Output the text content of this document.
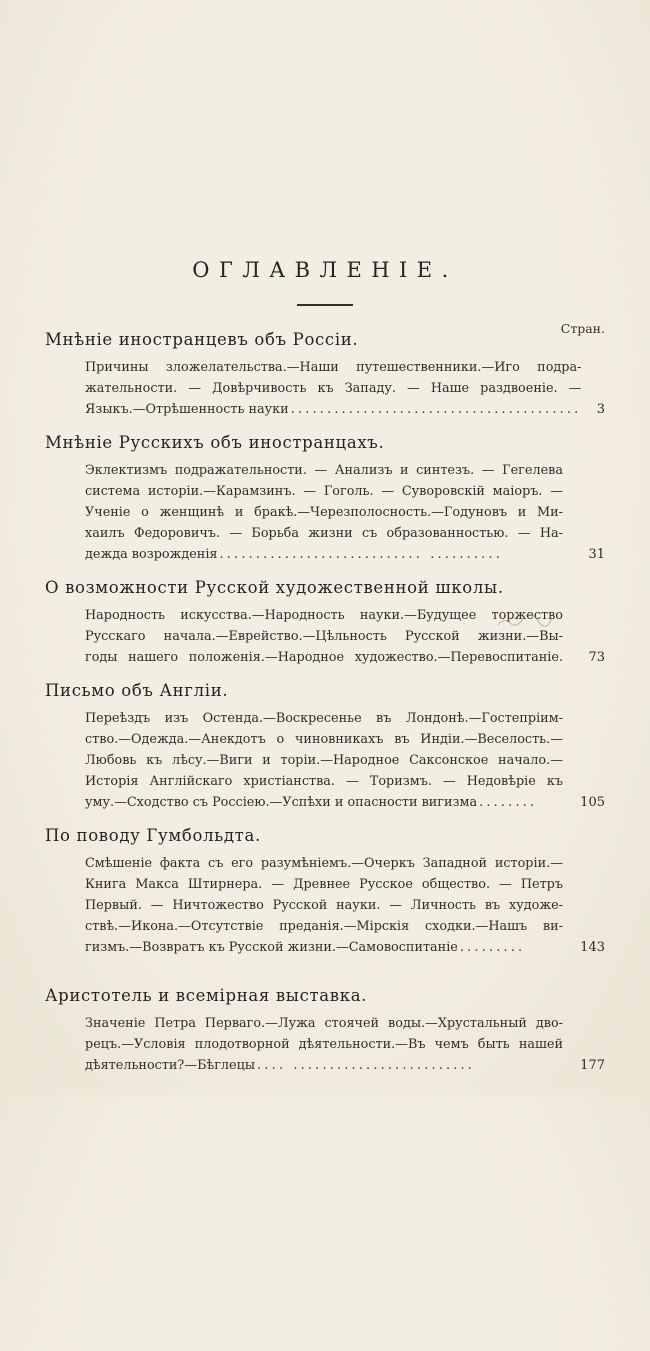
ОГЛАВЛЕНІЕ.
Мнѣніе иностранцевъ объ Россіи.
Стран.
Причины зложелательства.—Наши путешественники.—Иго подра-
жательности. — Довѣрчивость къ Западу. — Наше раздвоеніе. —
Языкъ.—Отрѣшенность науки ........................................	3
Мнѣніе Русскихъ объ иностранцахъ.
Эклектизмъ подражательности. — Анализъ и синтезъ. — Гегелева
система исторіи.—Карамзинъ. — Гоголь. — Суворовскій маіоръ. —
Ученіе о женщинѣ и бракѣ.—Черезполосность.—Годуновъ и Ми-
хаилъ Федоровичъ. — Борьба жизни съ образованностью. — На-
дежда возрожденія ............................ ..........	31
О возможности Русской художественной школы.
Народность искусства.—Народность науки.—Будущее торжество
Русскаго начала.—Еврейство.—Цѣльность Русской жизни.—Вы-
годы нашего положенія.—Народное художество.—Перевоспитаніе.	73
Письмо объ Англіи.
Переѣздъ изъ Остенда.—Воскресенье въ Лондонѣ.—Гостепріим-
ство.—Одежда.—Анекдотъ о чиновникахъ въ Индіи.—Веселость.—
Любовь къ лѣсу.—Виги и торіи.—Народное Саксонское начало.—
Исторія Англійскаго христіанства. — Торизмъ. — Недовѣріе къ
уму.—Сходство съ Россіею.—Успѣхи и опасности вигизма ........	105
По поводу Гумбольдта.
Смѣшеніе факта съ его разумѣніемъ.—Очеркъ Западной исторіи.—
Книга Макса Штирнера. — Древнее Русское общество. — Петръ
Первый. — Ничтожество Русской науки. — Личность въ художе-
ствѣ.—Икона.—Отсутствіе преданія.—Мірскія сходки.—Нашъ ви-
гизмъ.—Возвратъ къ Русской жизни.—Самовоспитаніе .........	143
Аристотель и всемірная выставка.
Значеніе Петра Перваго.—Лужа стоячей воды.—Хрустальный дво-
рецъ.—Условія плодотворной дѣятельности.—Въ чемъ быть нашей
дѣятельности?—Бѣглецы .... .........................	177
